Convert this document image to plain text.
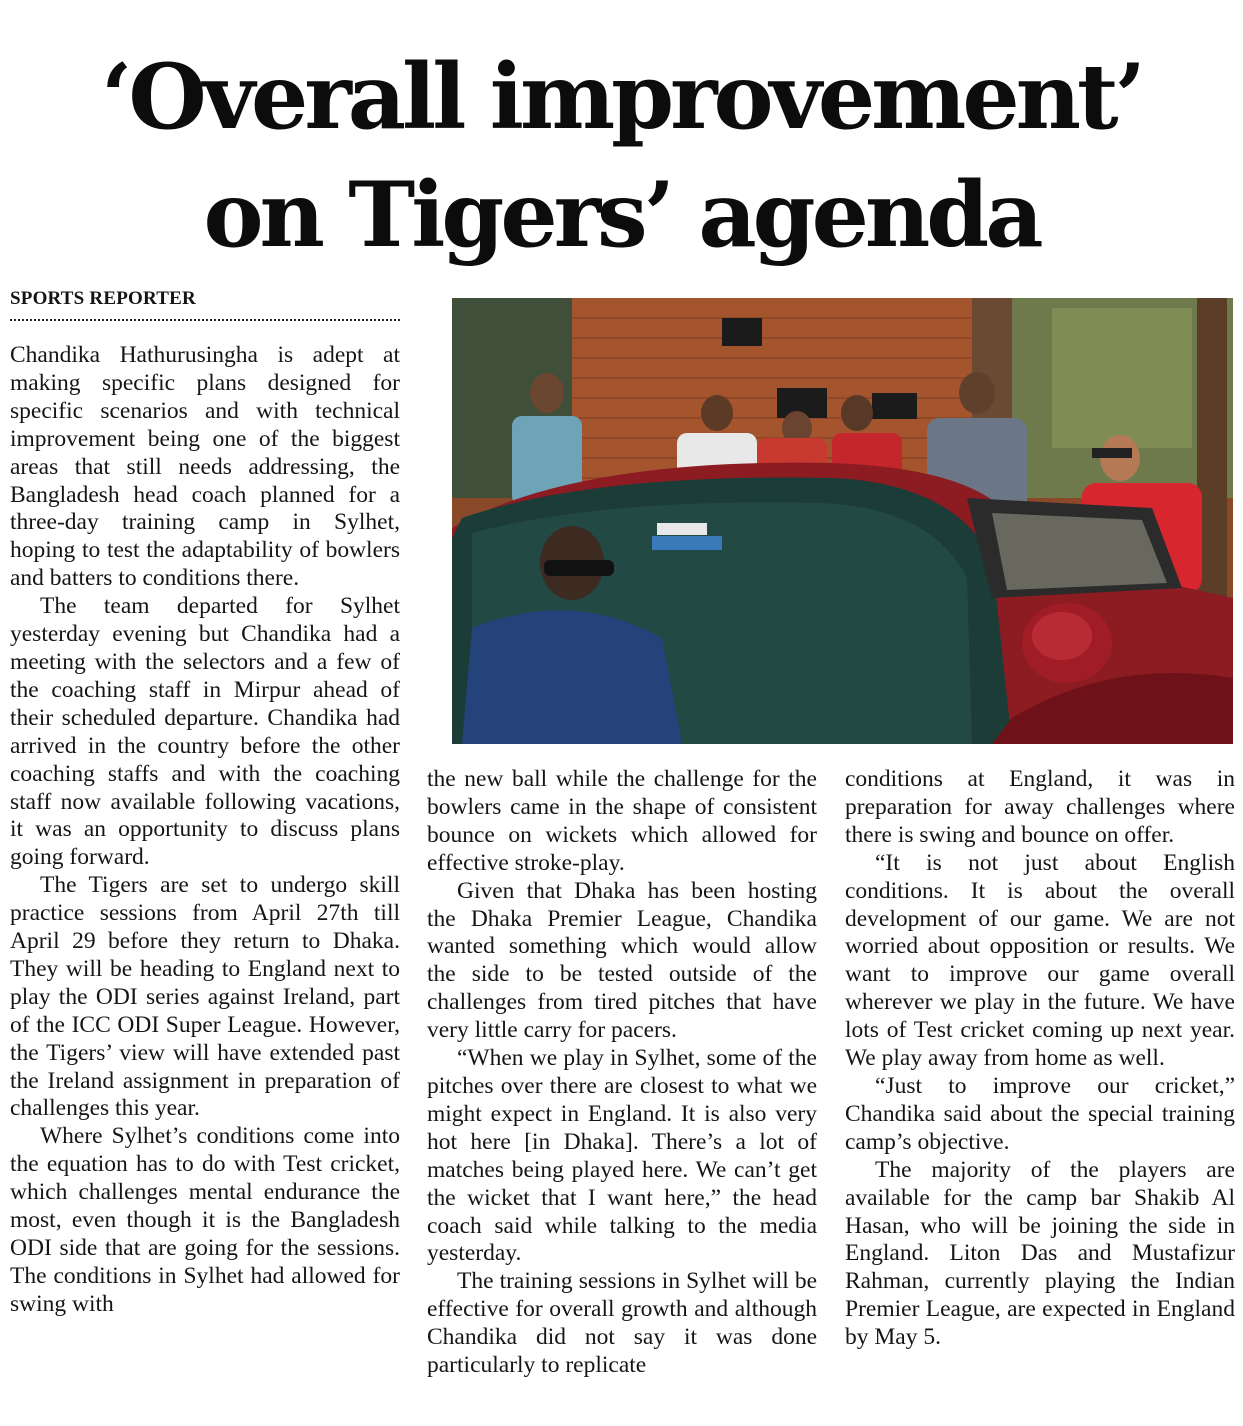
‘Overall improvement’
on Tigers’ agenda
SPORTS REPORTER

Chandika Hathurusingha is adept at making specific plans designed for specific scenarios and with technical improvement being one of the biggest areas that still needs addressing, the Bangladesh head coach planned for a three-day training camp in Sylhet, hoping to test the adaptability of bowlers and batters to conditions there.

The team departed for Sylhet yesterday evening but Chandika had a meeting with the selectors and a few of the coaching staff in Mirpur ahead of their scheduled departure. Chandika had arrived in the country before the other coaching staffs and with the coaching staff now available following vacations, it was an opportunity to discuss plans going forward.

The Tigers are set to undergo skill practice sessions from April 27th till April 29 before they return to Dhaka. They will be heading to England next to play the ODI series against Ireland, part of the ICC ODI Super League. However, the Tigers’ view will have extended past the Ireland assignment in preparation of challenges this year.

Where Sylhet’s conditions come into the equation has to do with Test cricket, which challenges mental endurance the most, even though it is the Bangladesh ODI side that are going for the sessions. The conditions in Sylhet had allowed for swing with

the new ball while the challenge for the bowlers came in the shape of consistent bounce on wickets which allowed for effective stroke-play.

Given that Dhaka has been hosting the Dhaka Premier League, Chandika wanted something which would allow the side to be tested outside of the challenges from tired pitches that have very little carry for pacers.

“When we play in Sylhet, some of the pitches over there are closest to what we might expect in England. It is also very hot here [in Dhaka]. There’s a lot of matches being played here. We can’t get the wicket that I want here,” the head coach said while talking to the media yesterday.

The training sessions in Sylhet will be effective for overall growth and although Chandika did not say it was done particularly to replicate

conditions at England, it was in preparation for away challenges where there is swing and bounce on offer.

“It is not just about English conditions. It is about the overall development of our game. We are not worried about opposition or results. We want to improve our game overall wherever we play in the future. We have lots of Test cricket coming up next year. We play away from home as well.

“Just to improve our cricket,” Chandika said about the special training camp’s objective.

The majority of the players are available for the camp bar Shakib Al Hasan, who will be joining the side in England. Liton Das and Mustafizur Rahman, currently playing the Indian Premier League, are expected in England by May 5.
